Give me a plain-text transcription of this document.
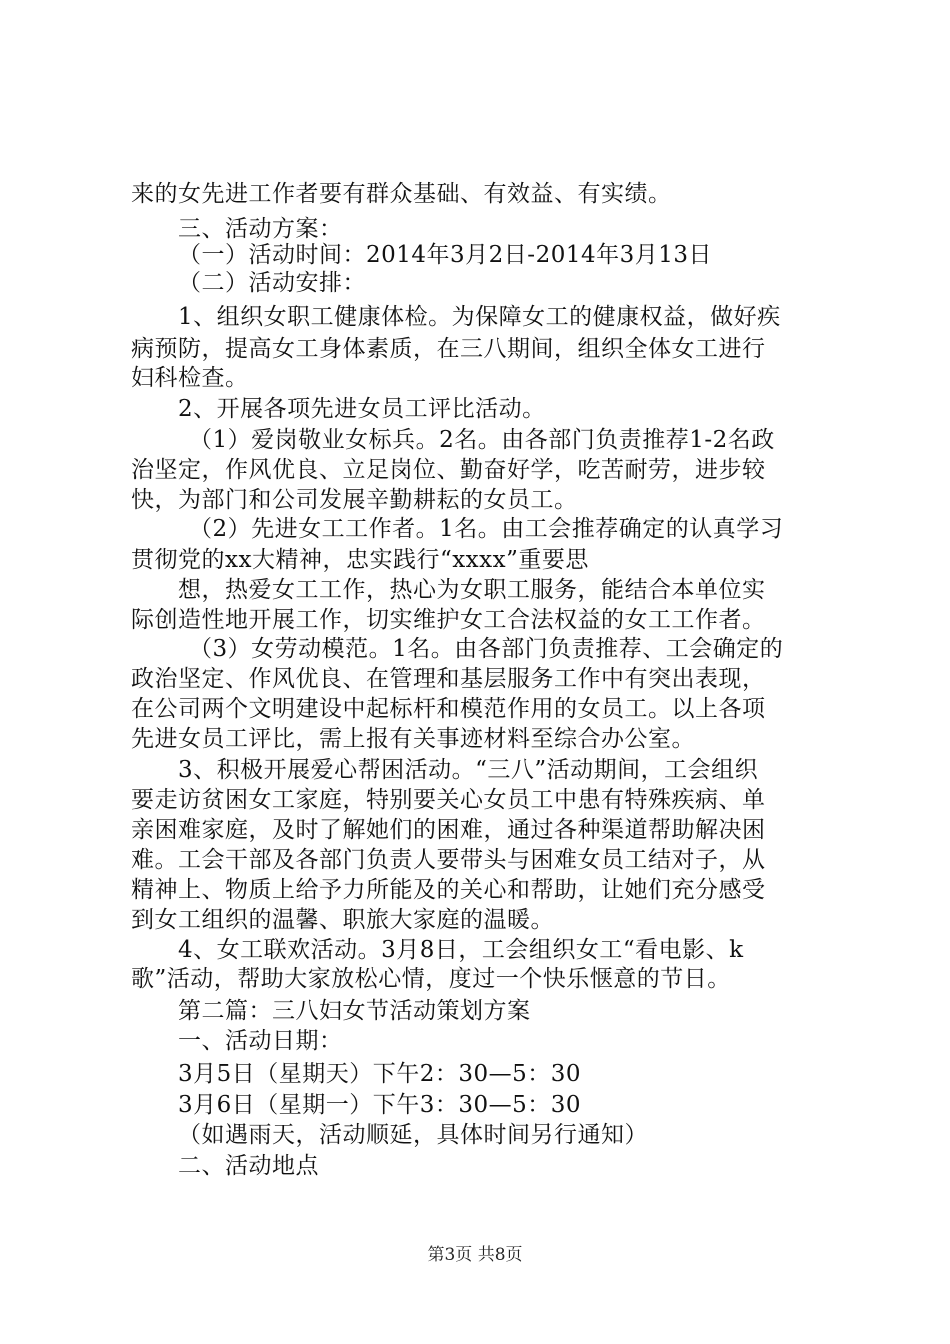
来的女先进工作者要有群众基础、有效益、有实绩。
三、活动方案：
（一）活动时间：2014年3月2日-2014年3月13日
（二）活动安排：
1、组织女职工健康体检。为保障女工的健康权益，做好疾
病预防，提高女工身体素质，在三八期间，组织全体女工进行
妇科检查。
2、开展各项先进女员工评比活动。
（1）爱岗敬业女标兵。2名。由各部门负责推荐1-2名政
治坚定，作风优良、立足岗位、勤奋好学，吃苦耐劳，进步较
快，为部门和公司发展辛勤耕耘的女员工。
（2）先进女工工作者。1名。由工会推荐确定的认真学习
贯彻党的xx大精神，忠实践行“xxxx”重要思
想，热爱女工工作，热心为女职工服务，能结合本单位实
际创造性地开展工作，切实维护女工合法权益的女工工作者。
（3）女劳动模范。1名。由各部门负责推荐、工会确定的
政治坚定、作风优良、在管理和基层服务工作中有突出表现，
在公司两个文明建设中起标杆和模范作用的女员工。以上各项
先进女员工评比，需上报有关事迹材料至综合办公室。
3、积极开展爱心帮困活动。“三八”活动期间，工会组织
要走访贫困女工家庭，特别要关心女员工中患有特殊疾病、单
亲困难家庭，及时了解她们的困难，通过各种渠道帮助解决困
难。工会干部及各部门负责人要带头与困难女员工结对子，从
精神上、物质上给予力所能及的关心和帮助，让她们充分感受
到女工组织的温馨、职旅大家庭的温暖。
4、女工联欢活动。3月8日，工会组织女工“看电影、k
歌”活动，帮助大家放松心情，度过一个快乐惬意的节日。
第二篇：三八妇女节活动策划方案
一、活动日期：
3月5日（星期天）下午2：30—5：30
3月6日（星期一）下午3：30—5：30
（如遇雨天，活动顺延，具体时间另行通知）
二、活动地点
第3页 共8页
